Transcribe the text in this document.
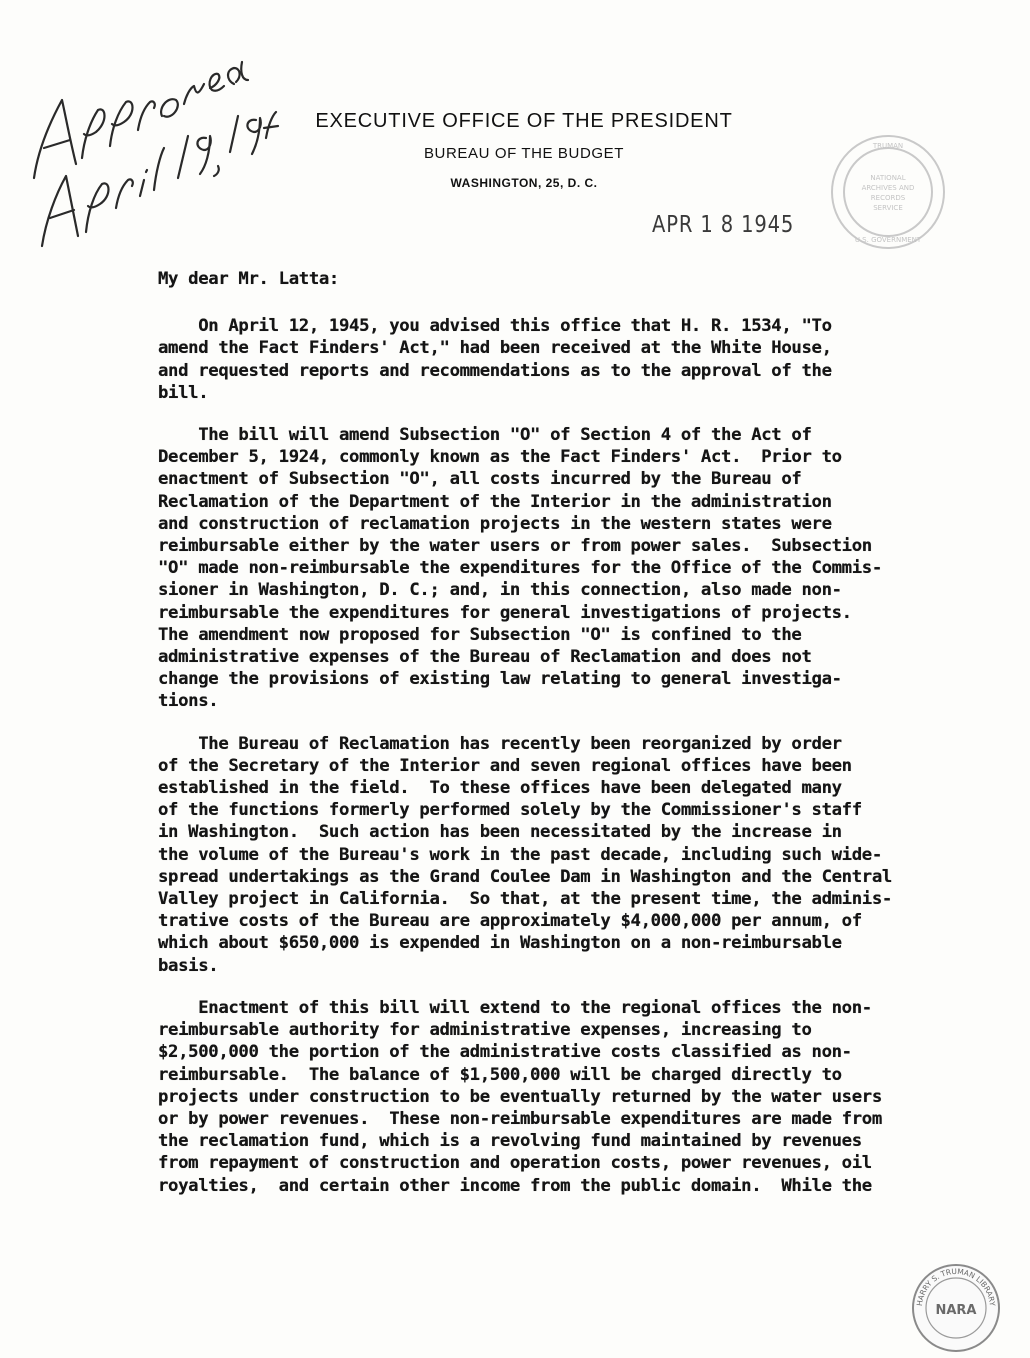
EXECUTIVE OFFICE OF THE PRESIDENT
BUREAU OF THE BUDGET
WASHINGTON, 25, D. C.
APR 1 8 1945
TRUMAN
NATIONAL
ARCHIVES AND
RECORDS
SERVICE
U.S. GOVERNMENT
My dear Mr. Latta:
On April 12, 1945, you advised this office that H. R. 1534, "To
amend the Fact Finders' Act," had been received at the White House,
and requested reports and recommendations as to the approval of the
bill.
The bill will amend Subsection "O" of Section 4 of the Act of
December 5, 1924, commonly known as the Fact Finders' Act.  Prior to
enactment of Subsection "O", all costs incurred by the Bureau of
Reclamation of the Department of the Interior in the administration
and construction of reclamation projects in the western states were
reimbursable either by the water users or from power sales.  Subsection
"O" made non-reimbursable the expenditures for the Office of the Commis-
sioner in Washington, D. C.; and, in this connection, also made non-
reimbursable the expenditures for general investigations of projects.
The amendment now proposed for Subsection "O" is confined to the
administrative expenses of the Bureau of Reclamation and does not
change the provisions of existing law relating to general investiga-
tions.
The Bureau of Reclamation has recently been reorganized by order
of the Secretary of the Interior and seven regional offices have been
established in the field.  To these offices have been delegated many
of the functions formerly performed solely by the Commissioner's staff
in Washington.  Such action has been necessitated by the increase in
the volume of the Bureau's work in the past decade, including such wide-
spread undertakings as the Grand Coulee Dam in Washington and the Central
Valley project in California.  So that, at the present time, the adminis-
trative costs of the Bureau are approximately $4,000,000 per annum, of
which about $650,000 is expended in Washington on a non-reimbursable
basis.
Enactment of this bill will extend to the regional offices the non-
reimbursable authority for administrative expenses, increasing to
$2,500,000 the portion of the administrative costs classified as non-
reimbursable.  The balance of $1,500,000 will be charged directly to
projects under construction to be eventually returned by the water users
or by power revenues.  These non-reimbursable expenditures are made from
the reclamation fund, which is a revolving fund maintained by revenues
from repayment of construction and operation costs, power revenues, oil
royalties,  and certain other income from the public domain.  While the
HARRY S. TRUMAN LIBRARY
NARA
